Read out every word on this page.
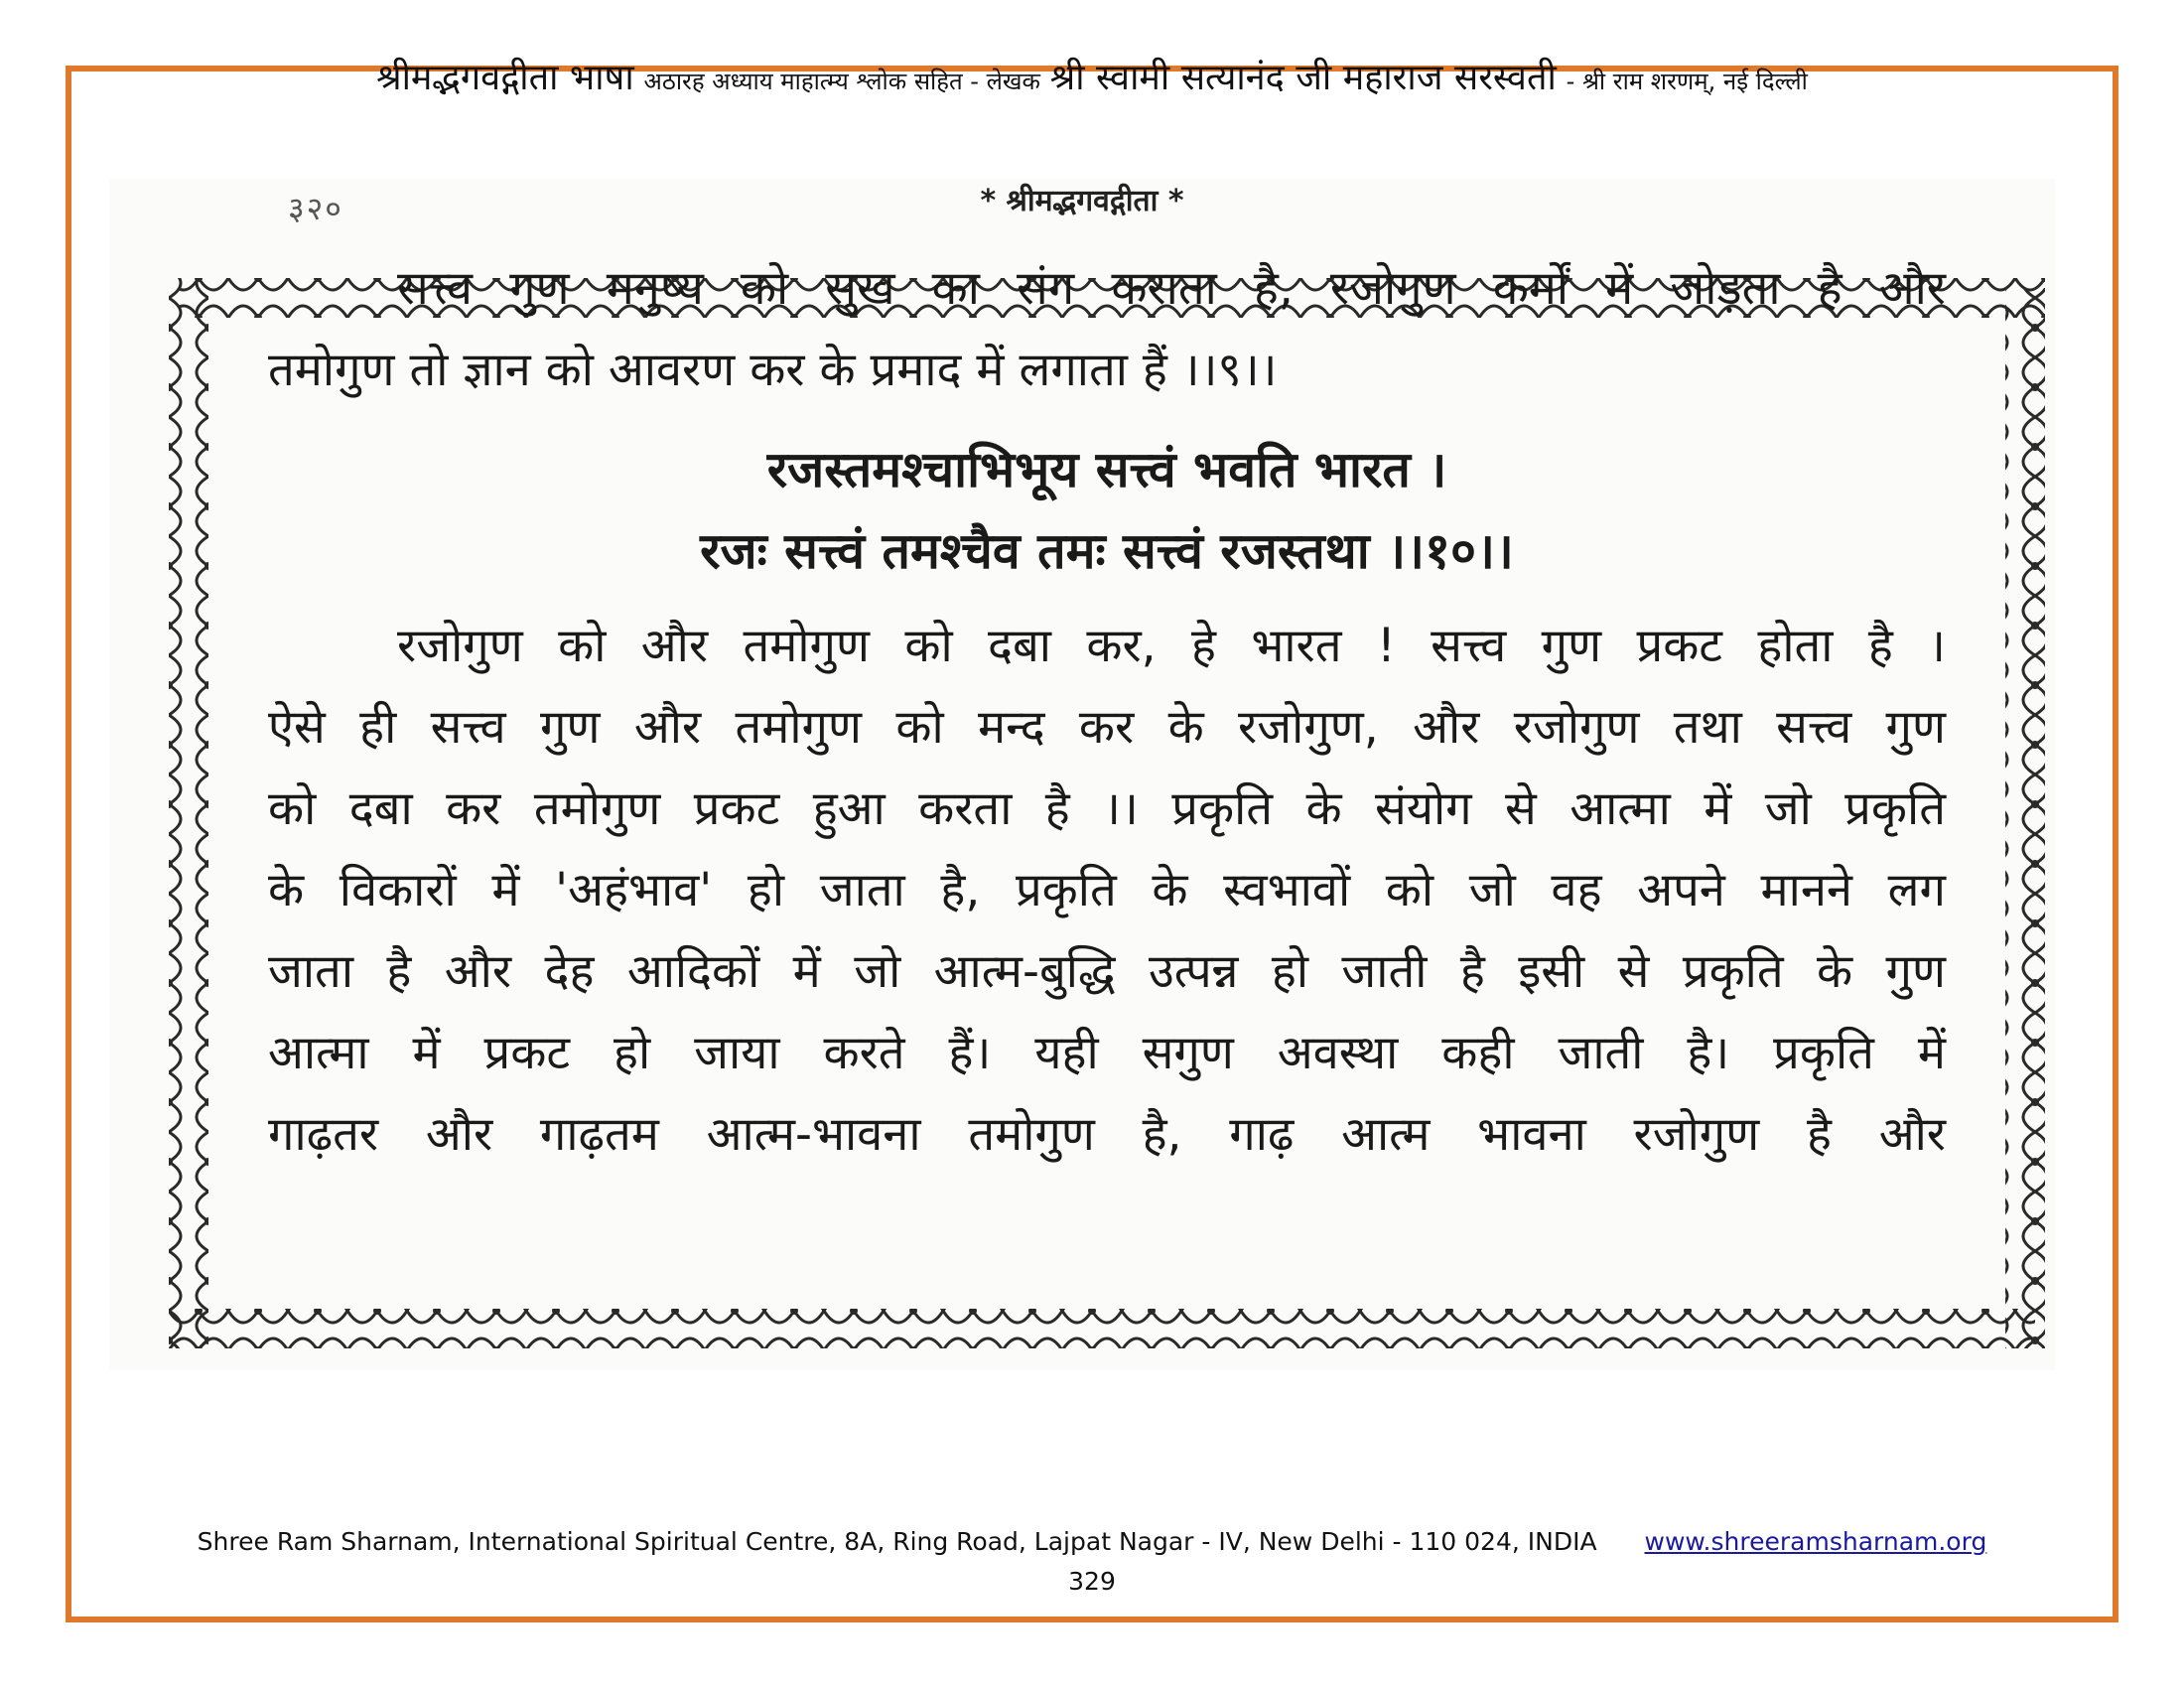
श्रीमद्भगवद्गीता भाषा अठारह अध्याय माहात्म्य श्लोक सहित - लेखक श्री स्वामी सत्यानंद जी महाराज सरस्वती - श्री राम शरणम्, नई दिल्ली
३२०	* श्रीमद्भगवद्गीता *

सत्त्व गुण मनुष्य को सुख का संग कराता है, रजोगुण कर्मों में जोड़ता है और

तमोगुण तो ज्ञान को आवरण कर के प्रमाद में लगाता हैं ।।९।।

रजस्तमश्चाभिभूय सत्त्वं भवति भारत ।

रजः सत्त्वं तमश्चैव तमः सत्त्वं रजस्तथा ।।१०।।

रजोगुण को और तमोगुण को दबा कर, हे भारत ! सत्त्व गुण प्रकट होता है ।

ऐसे ही सत्त्व गुण और तमोगुण को मन्द कर के रजोगुण, और रजोगुण तथा सत्त्व गुण

को दबा कर तमोगुण प्रकट हुआ करता है ।। प्रकृति के संयोग से आत्मा में जो प्रकृति

के विकारों में 'अहंभाव' हो जाता है, प्रकृति के स्वभावों को जो वह अपने मानने लग

जाता है और देह आदिकों में जो आत्म-बुद्धि उत्पन्न हो जाती है इसी से प्रकृति के गुण

आत्मा में प्रकट हो जाया करते हैं। यही सगुण अवस्था कही जाती है। प्रकृति में

गाढ़तर और गाढ़तम आत्म-भावना तमोगुण है, गाढ़ आत्म भावना रजोगुण है और

Shree Ram Sharnam, International Spiritual Centre, 8A, Ring Road, Lajpat Nagar - IV, New Delhi - 110 024, INDIA www.shreeramsharnam.org
329
